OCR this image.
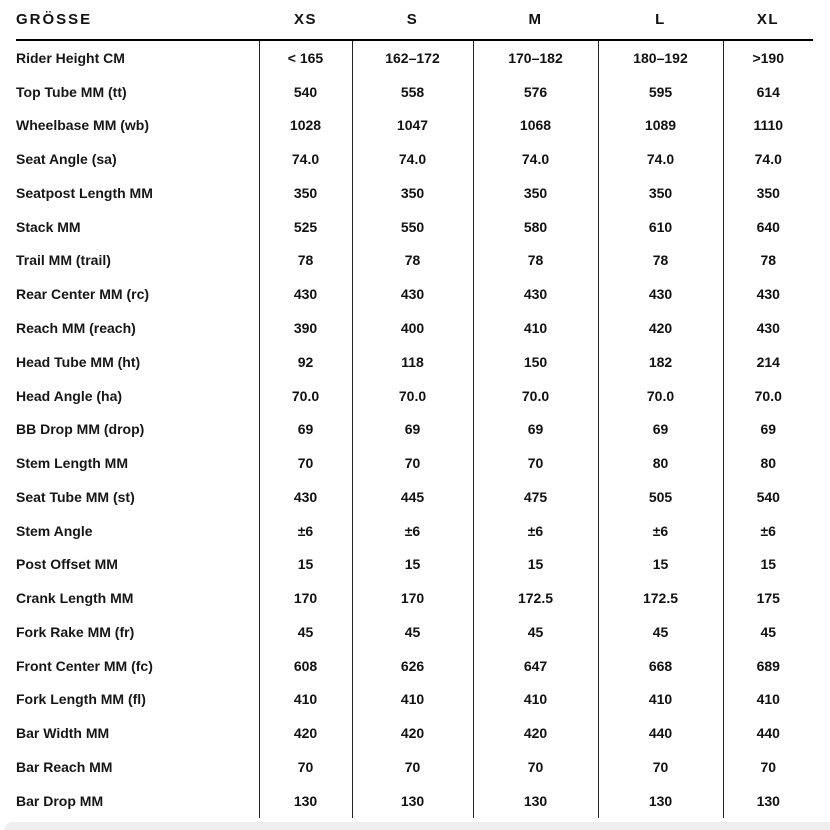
GRÖSSE	XS	S	M	L	XL
Rider Height CM	< 165	162–172	170–182	180–192	>190
Top Tube MM (tt)	540	558	576	595	614
Wheelbase MM (wb)	1028	1047	1068	1089	1110
Seat Angle (sa)	74.0	74.0	74.0	74.0	74.0
Seatpost Length MM	350	350	350	350	350
Stack MM	525	550	580	610	640
Trail MM (trail)	78	78	78	78	78
Rear Center MM (rc)	430	430	430	430	430
Reach MM (reach)	390	400	410	420	430
Head Tube MM (ht)	92	118	150	182	214
Head Angle (ha)	70.0	70.0	70.0	70.0	70.0
BB Drop MM (drop)	69	69	69	69	69
Stem Length MM	70	70	70	80	80
Seat Tube MM (st)	430	445	475	505	540
Stem Angle	±6	±6	±6	±6	±6
Post Offset MM	15	15	15	15	15
Crank Length MM	170	170	172.5	172.5	175
Fork Rake MM (fr)	45	45	45	45	45
Front Center MM (fc)	608	626	647	668	689
Fork Length MM (fl)	410	410	410	410	410
Bar Width MM	420	420	420	440	440
Bar Reach MM	70	70	70	70	70
Bar Drop MM	130	130	130	130	130
